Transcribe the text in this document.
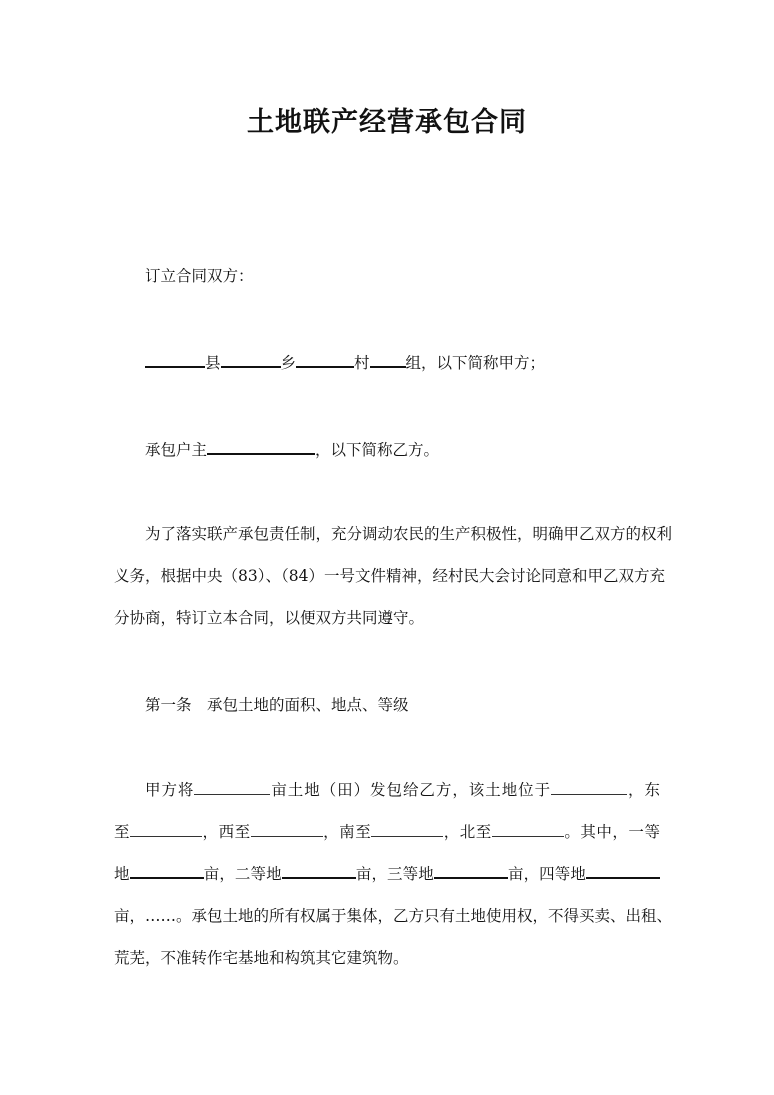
土地联产经营承包合同
订立合同双方：
县	乡	村 组，以下简称甲方；
承包户主	，以下简称乙方。
为了落实联产承包责任制，充分调动农民的生产积极性，明确甲乙双方的权利
义务，根据中央（83）、（84）一号文件精神，经村民大会讨论同意和甲乙双方充
分协商，特订立本合同，以便双方共同遵守。
第一条　承包土地的面积、地点、等级
甲方将	亩土地（田）发包给乙方，该土地位于	，东
至	，西至	，南至	，北至	。其中，一等
地	亩，二等地	亩，三等地	亩，四等地
亩，……。承包土地的所有权属于集体，乙方只有土地使用权，不得买卖、出租、
荒芜，不准转作宅基地和构筑其它建筑物。
